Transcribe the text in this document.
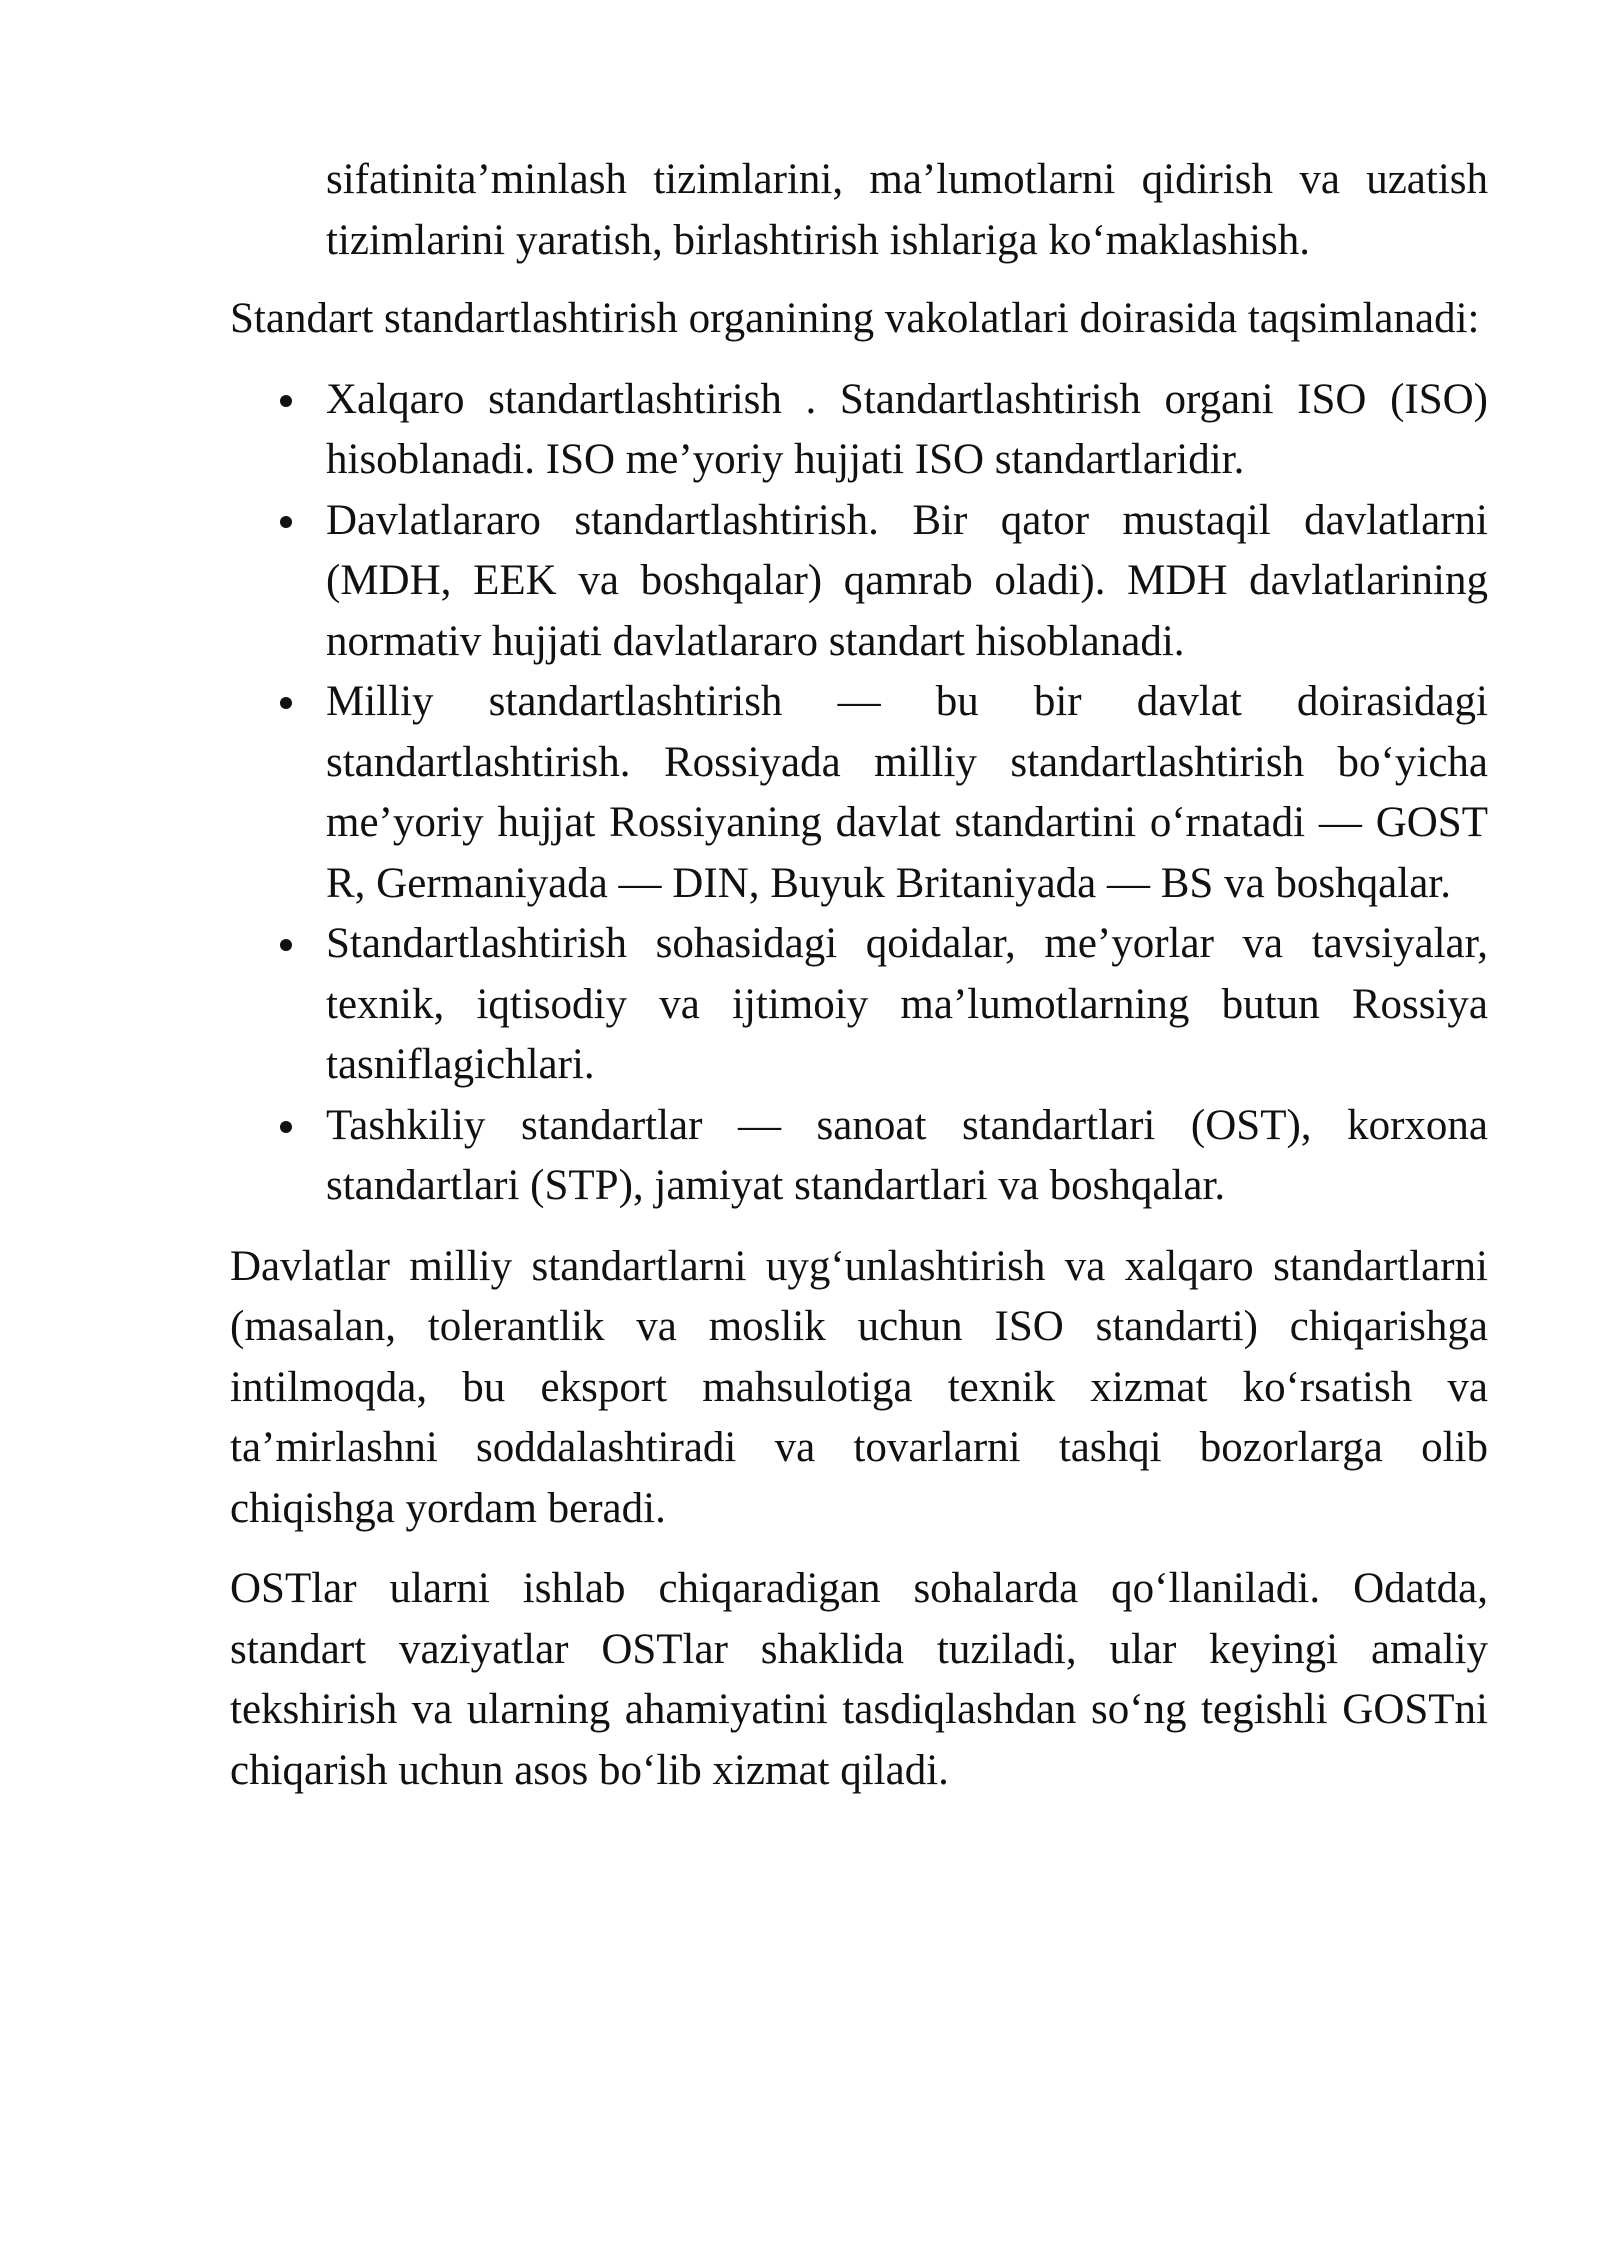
sifatinita’minlash tizimlarini, ma’lumotlarni qidirish va uzatish tizimlarini yaratish, birlashtirish ishlariga ko‘maklashish.

Standart standartlashtirish organining vakolatlari doirasida taqsimlanadi:

Xalqaro standartlashtirish . Standartlashtirish organi ISO (ISO) hisoblanadi. ISO me’yoriy hujjati ISO standartlaridir.
Davlatlararo standartlashtirish. Bir qator mustaqil davlatlarni (MDH, EEK va boshqalar) qamrab oladi). MDH davlatlarining normativ hujjati davlatlararo standart hisoblanadi.
Milliy standartlashtirish — bu bir davlat doirasidagi standartlashtirish. Rossiyada milliy standartlashtirish bo‘yicha me’yoriy hujjat Rossiyaning davlat standartini o‘rnatadi — GOST R, Germaniyada — DIN, Buyuk Britaniyada — BS va boshqalar.
Standartlashtirish sohasidagi qoidalar, me’yorlar va tavsiyalar, texnik, iqtisodiy va ijtimoiy ma’lumotlarning butun Rossiya tasniflagichlari.
Tashkiliy standartlar — sanoat standartlari (OST), korxona standartlari (STP), jamiyat standartlari va boshqalar.

Davlatlar milliy standartlarni uyg‘unlashtirish va xalqaro standartlarni (masalan, tolerantlik va moslik uchun ISO standarti) chiqarishga intilmoqda, bu eksport mahsulotiga texnik xizmat ko‘rsatish va ta’mirlashni soddalashtiradi va tovarlarni tashqi bozorlarga olib chiqishga yordam beradi.

OSTlar ularni ishlab chiqaradigan sohalarda qo‘llaniladi. Odatda, standart vaziyatlar OSTlar shaklida tuziladi, ular keyingi amaliy tekshirish va ularning ahamiyatini tasdiqlashdan so‘ng tegishli GOSTni chiqarish uchun asos bo‘lib xizmat qiladi.
